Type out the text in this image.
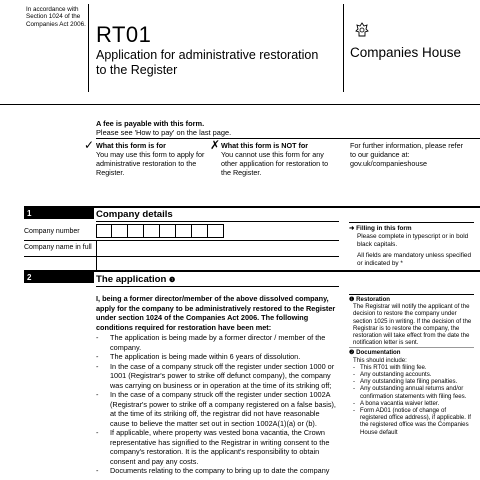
In accordance with Section 1024 of the Companies Act 2006. RT01
Application for administrative restoration to the Register
Companies House
A fee is payable with this form.
Please see 'How to pay' on the last page.
✓ What this form is for
You may use this form to apply for administrative restoration to the Register.
✗ What this form is NOT for
You cannot use this form for any other application for restoration to the Register.
For further information, please refer to our guidance at: gov.uk/companieshouse
1	Company details
Company number
Company name in full
➜ Filling in this form
Please complete in typescript or in bold black capitals.
All fields are mandatory unless specified or indicated by *
2	The application ❶
I, being a former director/member of the above dissolved company, apply for the company to be administratively restored to the Register under section 1024 of the Companies Act 2006. The following conditions required for restoration have been met:
-	The application is being made by a former director / member of the company.
-	The application is being made within 6 years of dissolution.
-	In the case of a company struck off the register under section 1000 or 1001 (Registrar's power to strike off defunct company), the company was carrying on business or in operation at the time of its striking off;
-	In the case of a company struck off the register under section 1002A (Registrar's power to strike off a company registered on a false basis), at the time of its striking off, the registrar did not have reasonable cause to believe the matter set out in section 1002A(1)(a) or (b).
-	If applicable, where property was vested bona vacantia, the Crown representative has signified to the Registrar in writing consent to the company's restoration. It is the applicant's responsibility to obtain consent and pay any costs.
-	Documents relating to the company to bring up to date the company
❶ Restoration
The Registrar will notify the applicant of the decision to restore the company under section 1025 in writing. If the decision of the Registrar is to restore the company, the restoration will take effect from the date the notification letter is sent.
❷ Documentation
This should include:
- This RT01 with filing fee.
- Any outstanding accounts.
- Any outstanding late filing penalties.
- Any outstanding annual returns and/or confirmation statements with filing fees.
- A bona vacantia waiver letter.
- Form AD01 (notice of change of registered office address), if applicable. If the registered office was the Companies House default
